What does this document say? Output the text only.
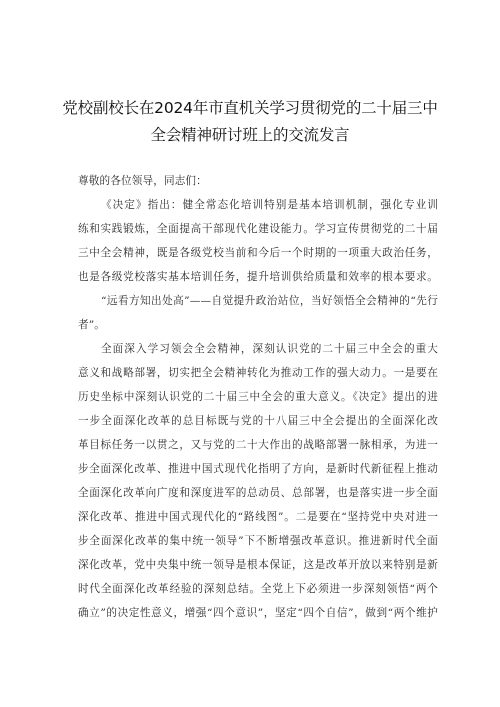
党校副校长在2024年市直机关学习贯彻党的二十届三中
全会精神研讨班上的交流发言
尊敬的各位领导，同志们：
《决定》指出：健全常态化培训特别是基本培训机制，强化专业训
练和实践锻炼，全面提高干部现代化建设能力。学习宣传贯彻党的二十届
三中全会精神，既是各级党校当前和今后一个时期的一项重大政治任务，
也是各级党校落实基本培训任务，提升培训供给质量和效率的根本要求。
“远看方知出处高”——自觉提升政治站位，当好领悟全会精神的“先行
者”。
全面深入学习领会全会精神，深刻认识党的二十届三中全会的重大
意义和战略部署，切实把全会精神转化为推动工作的强大动力。一是要在
历史坐标中深刻认识党的二十届三中全会的重大意义。《决定》提出的进
一步全面深化改革的总目标既与党的十八届三中全会提出的全面深化改
革目标任务一以贯之，又与党的二十大作出的战略部署一脉相承，为进一
步全面深化改革、推进中国式现代化指明了方向，是新时代新征程上推动
全面深化改革向广度和深度进军的总动员、总部署，也是落实进一步全面
深化改革、推进中国式现代化的“路线图”。二是要在“坚持党中央对进一
步全面深化改革的集中统一领导”下不断增强改革意识。推进新时代全面
深化改革，党中央集中统一领导是根本保证，这是改革开放以来特别是新
时代全面深化改革经验的深刻总结。全党上下必须进一步深刻领悟“两个
确立”的决定性意义，增强“四个意识”，坚定“四个自信”，做到“两个维护
